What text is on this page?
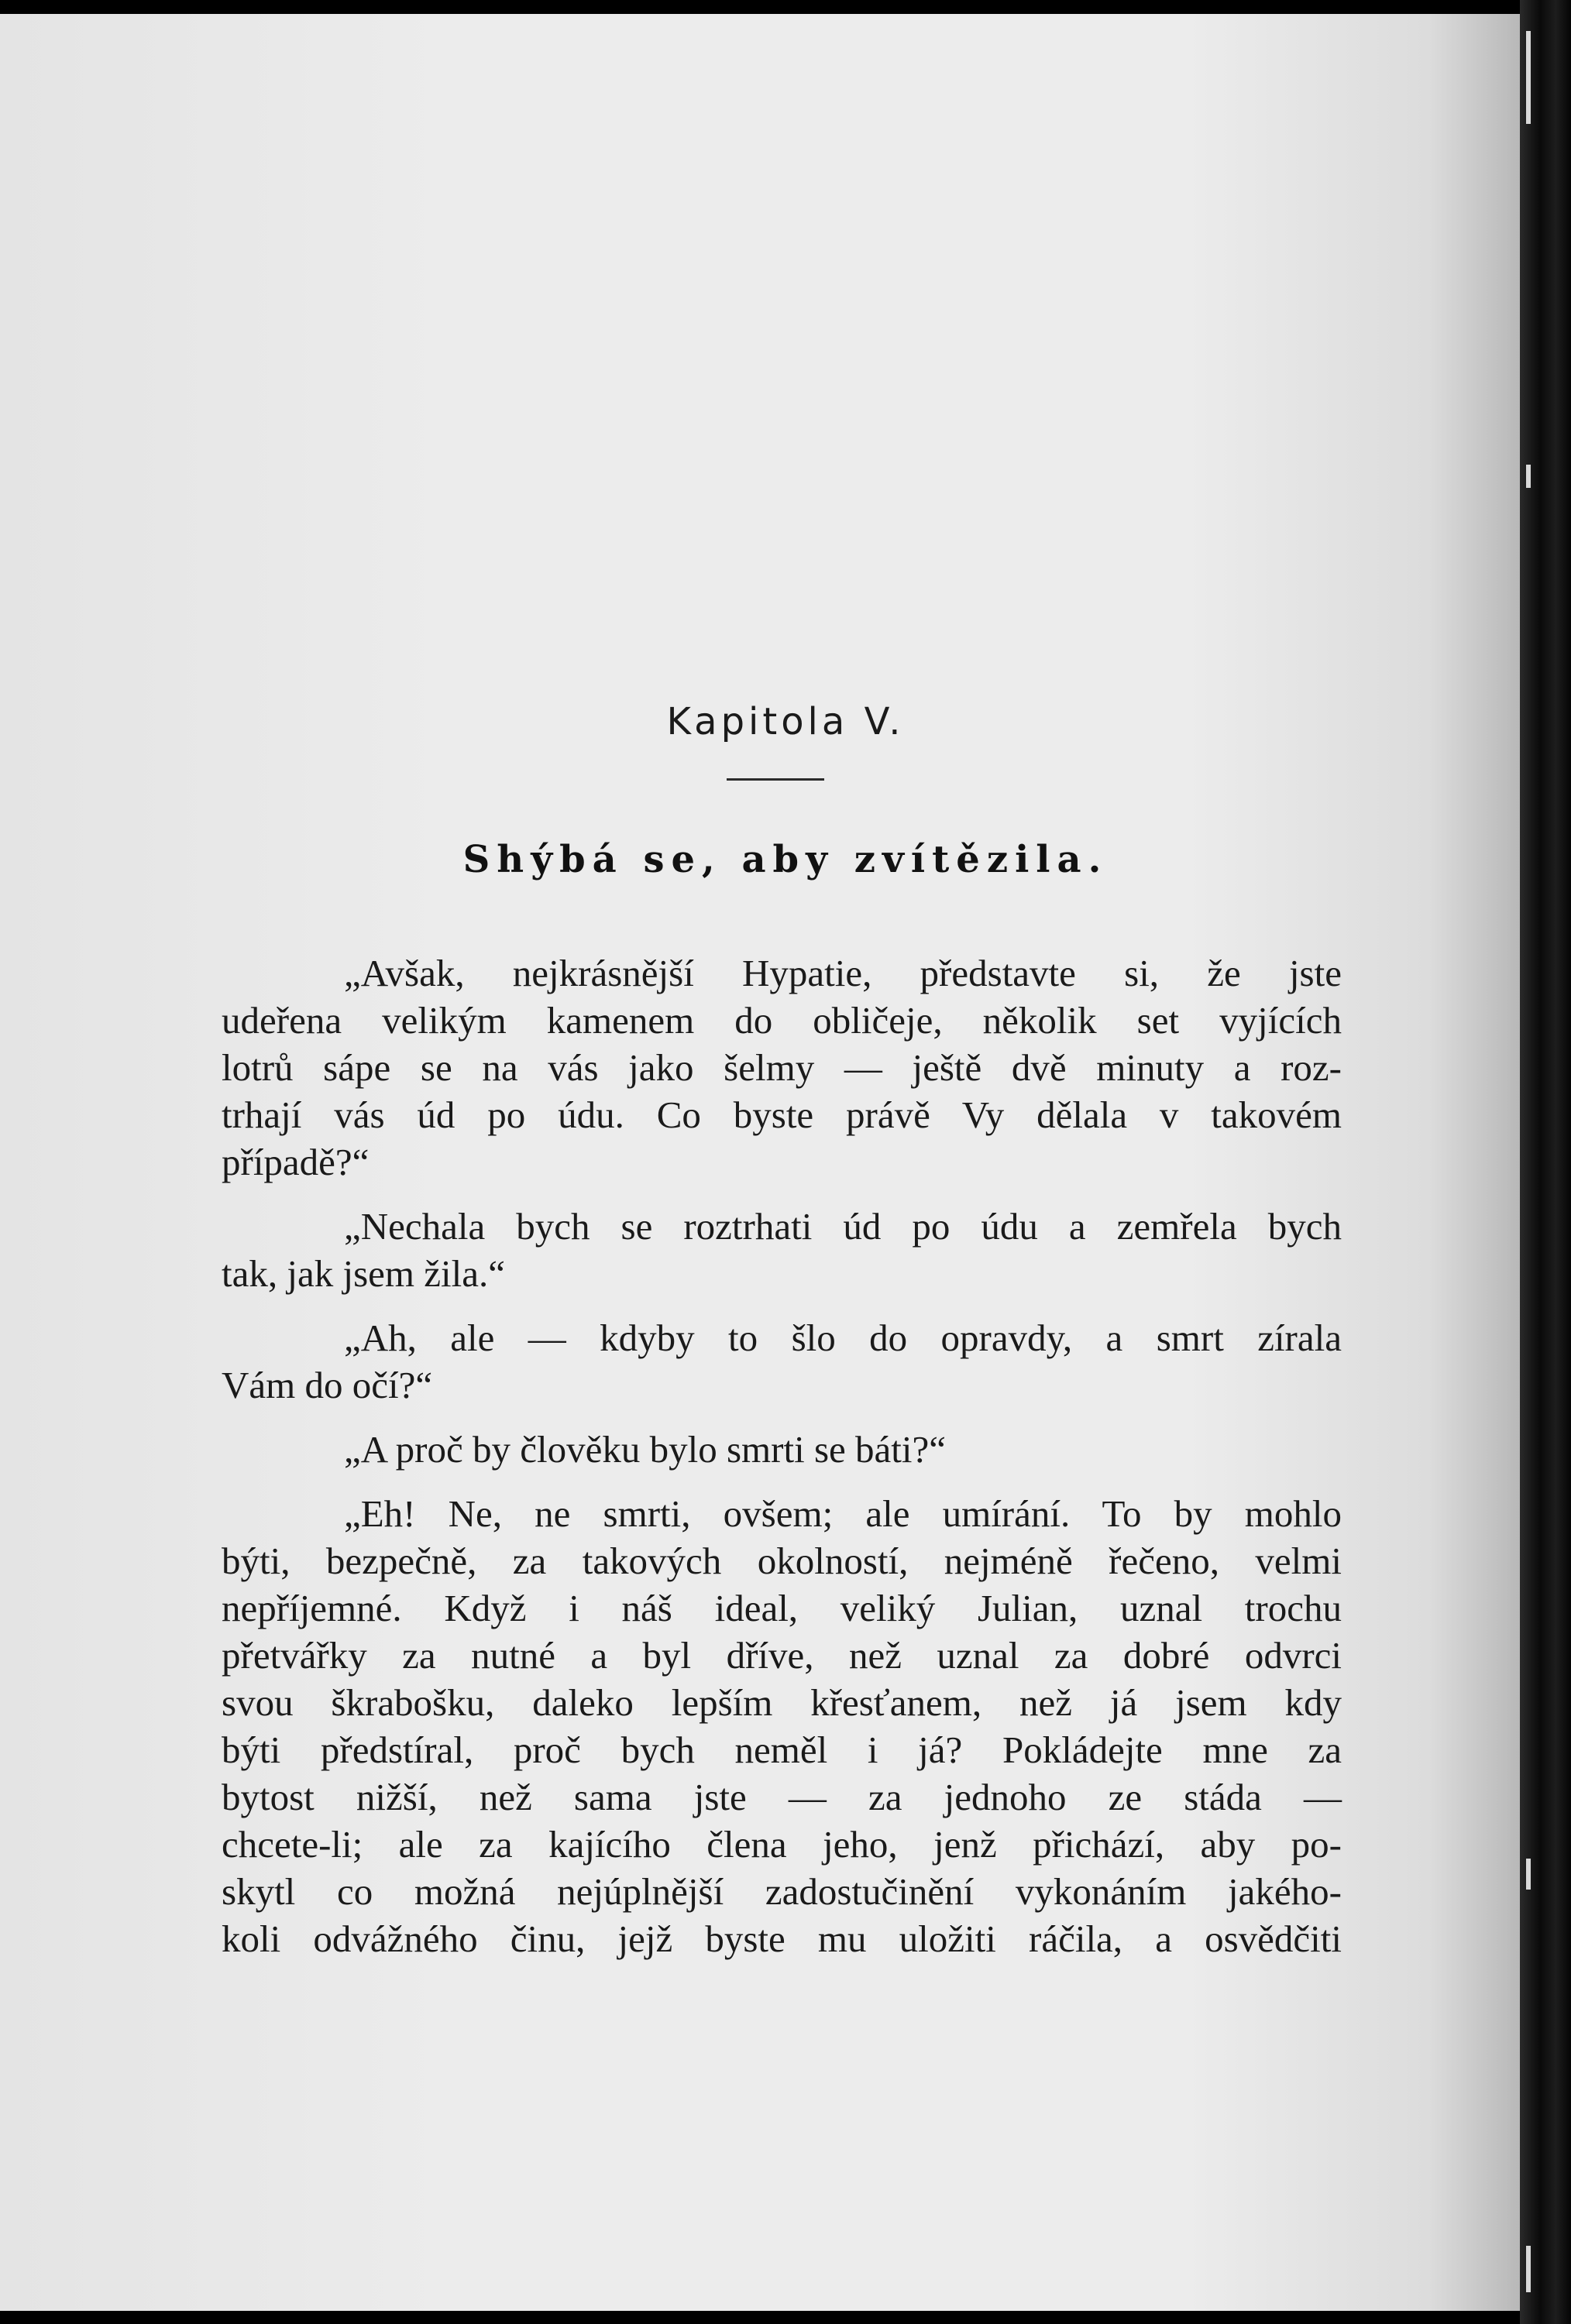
Kapitola V.
Shýbá se, aby zvítězila.

„Avšak, nejkrásnější Hypatie, představte si, že jste
udeřena velikým kamenem do obličeje, několik set vyjících
lotrů sápe se na vás jako šelmy — ještě dvě minuty a roz-
trhají vás úd po údu. Co byste právě Vy dělala v takovém
případě?“

„Nechala bych se roztrhati úd po údu a zemřela bych
tak, jak jsem žila.“

„Ah, ale — kdyby to šlo do opravdy, a smrt zírala
Vám do očí?“

„A proč by člověku bylo smrti se báti?“

„Eh! Ne, ne smrti, ovšem; ale umírání. To by mohlo
býti, bezpečně, za takových okolností, nejméně řečeno, velmi
nepříjemné. Když i náš ideal, veliký Julian, uznal trochu
přetvářky za nutné a byl dříve, než uznal za dobré odvrci
svou škrabošku, daleko lepším křesťanem, než já jsem kdy
býti předstíral, proč bych neměl i já? Pokládejte mne za
bytost nižší, než sama jste — za jednoho ze stáda —
chcete-li; ale za kajícího člena jeho, jenž přichází, aby po-
skytl co možná nejúplnější zadostučinění vykonáním jakého-
koli odvážného činu, jejž byste mu uložiti ráčila, a osvědčiti
